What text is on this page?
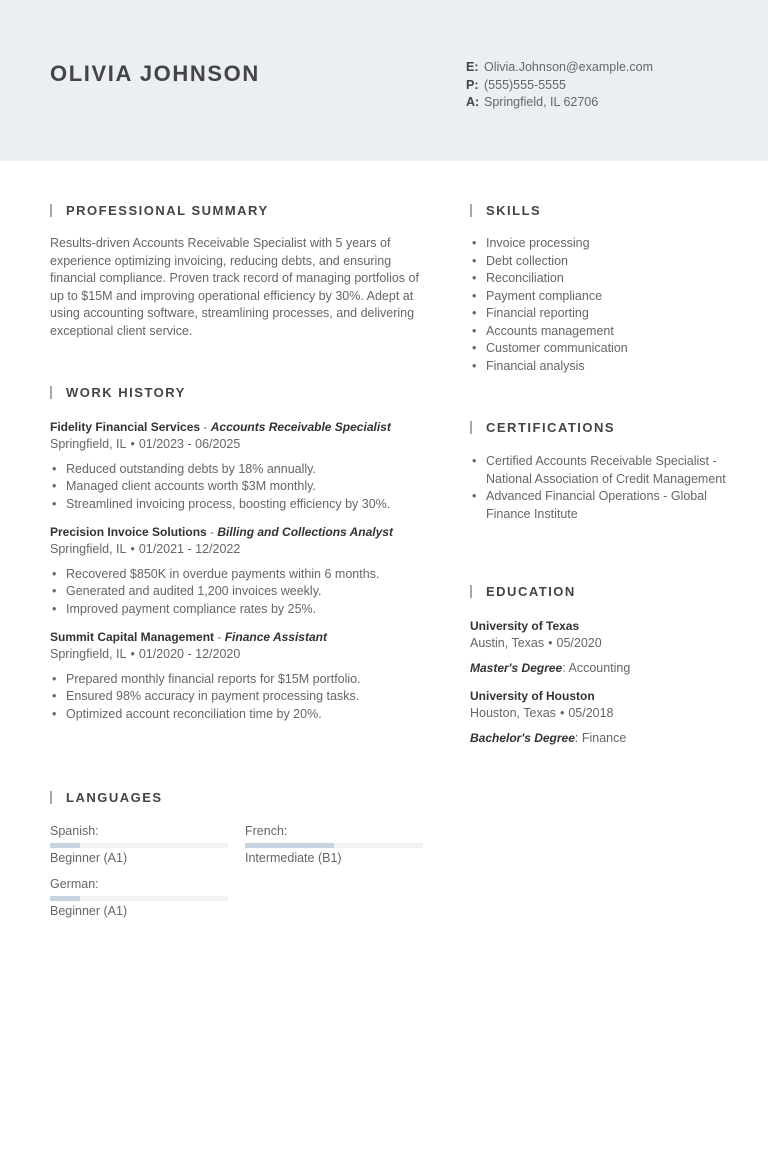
OLIVIA JOHNSON	E: Olivia.Johnson@example.com
P: (555)555-5555
A: Springfield, IL 62706
PROFESSIONAL SUMMARY
Results-driven Accounts Receivable Specialist with 5 years of experience optimizing invoicing, reducing debts, and ensuring financial compliance. Proven track record of managing portfolios of up to $15M and improving operational efficiency by 30%. Adept at using accounting software, streamlining processes, and delivering exceptional client service.
WORK HISTORY
Fidelity Financial Services - Accounts Receivable Specialist
Springfield, IL • 01/2023 - 06/2025
• Reduced outstanding debts by 18% annually.
• Managed client accounts worth $3M monthly.
• Streamlined invoicing process, boosting efficiency by 30%.
Precision Invoice Solutions - Billing and Collections Analyst
Springfield, IL • 01/2021 - 12/2022
• Recovered $850K in overdue payments within 6 months.
• Generated and audited 1,200 invoices weekly.
• Improved payment compliance rates by 25%.
Summit Capital Management - Finance Assistant
Springfield, IL • 01/2020 - 12/2020
• Prepared monthly financial reports for $15M portfolio.
• Ensured 98% accuracy in payment processing tasks.
• Optimized account reconciliation time by 20%.
SKILLS
• Invoice processing
• Debt collection
• Reconciliation
• Payment compliance
• Financial reporting
• Accounts management
• Customer communication
• Financial analysis
CERTIFICATIONS
• Certified Accounts Receivable Specialist - National Association of Credit Management
• Advanced Financial Operations - Global Finance Institute
EDUCATION
University of Texas
Austin, Texas • 05/2020
Master's Degree: Accounting
University of Houston
Houston, Texas • 05/2018
Bachelor's Degree: Finance
LANGUAGES
Spanish:
Beginner (A1)
French:
Intermediate (B1)
German:
Beginner (A1)
